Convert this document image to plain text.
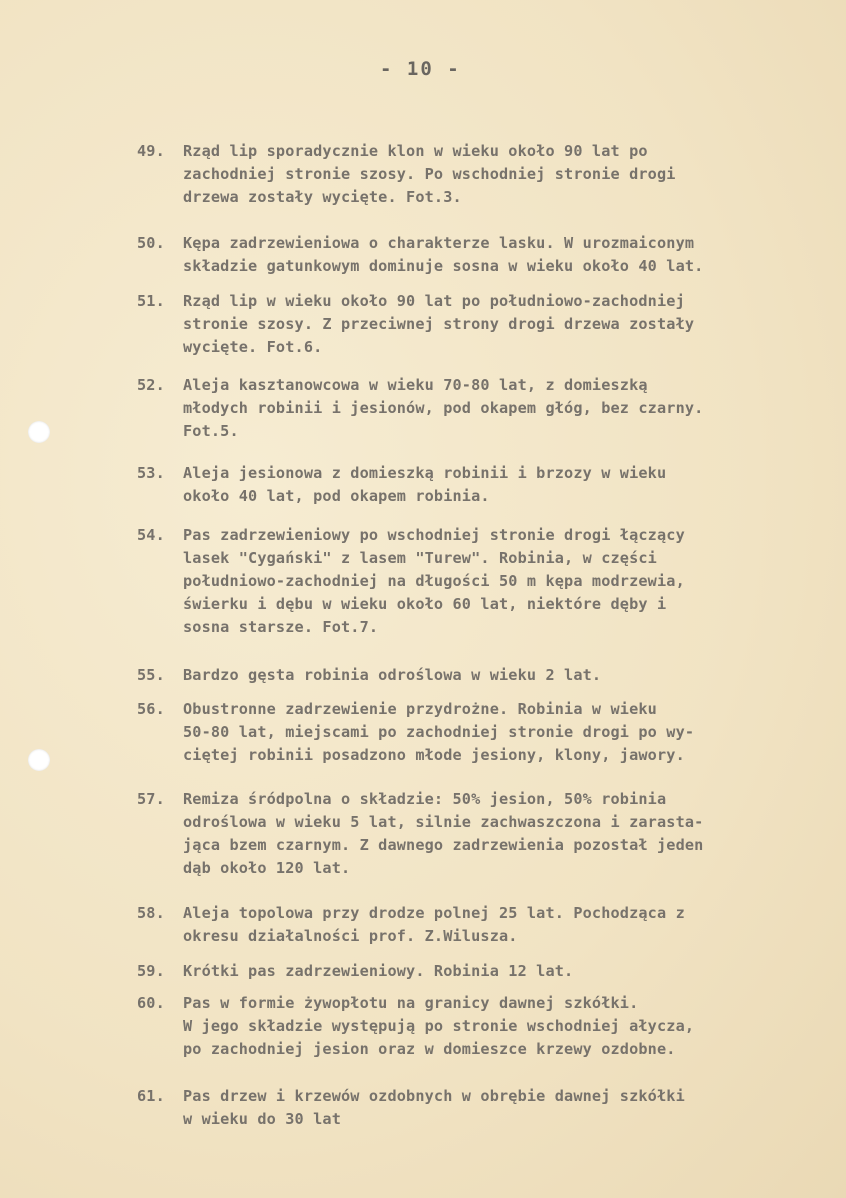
- 10 -
49. Rząd lip sporadycznie klon w wieku około 90 lat po
zachodniej stronie szosy. Po wschodniej stronie drogi
drzewa zostały wycięte. Fot.3.
50. Kępa zadrzewieniowa o charakterze lasku. W urozmaiconym
składzie gatunkowym dominuje sosna w wieku około 40 lat.
51. Rząd lip w wieku około 90 lat po południowo-zachodniej
stronie szosy. Z przeciwnej strony drogi drzewa zostały
wycięte. Fot.6.
52. Aleja kasztanowcowa w wieku 70-80 lat, z domieszką
młodych robinii i jesionów, pod okapem głóg, bez czarny.
Fot.5.
53. Aleja jesionowa z domieszką robinii i brzozy w wieku
około 40 lat, pod okapem robinia.
54. Pas zadrzewieniowy po wschodniej stronie drogi łączący
lasek "Cygański" z lasem "Turew". Robinia, w części
południowo-zachodniej na długości 50 m kępa modrzewia,
świerku i dębu w wieku około 60 lat, niektóre dęby i
sosna starsze. Fot.7.
55. Bardzo gęsta robinia odroślowa w wieku 2 lat.
56. Obustronne zadrzewienie przydrożne. Robinia w wieku
50-80 lat, miejscami po zachodniej stronie drogi po wy-
ciętej robinii posadzono młode jesiony, klony, jawory.
57. Remiza śródpolna o składzie: 50% jesion, 50% robinia
odroślowa w wieku 5 lat, silnie zachwaszczona i zarasta-
jąca bzem czarnym. Z dawnego zadrzewienia pozostał jeden
dąb około 120 lat.
58. Aleja topolowa przy drodze polnej 25 lat. Pochodząca z
okresu działalności prof. Z.Wilusza.
59. Krótki pas zadrzewieniowy. Robinia 12 lat.
60. Pas w formie żywopłotu na granicy dawnej szkółki.
W jego składzie występują po stronie wschodniej ałycza,
po zachodniej jesion oraz w domieszce krzewy ozdobne.
61. Pas drzew i krzewów ozdobnych w obrębie dawnej szkółki
w wieku do 30 lat
